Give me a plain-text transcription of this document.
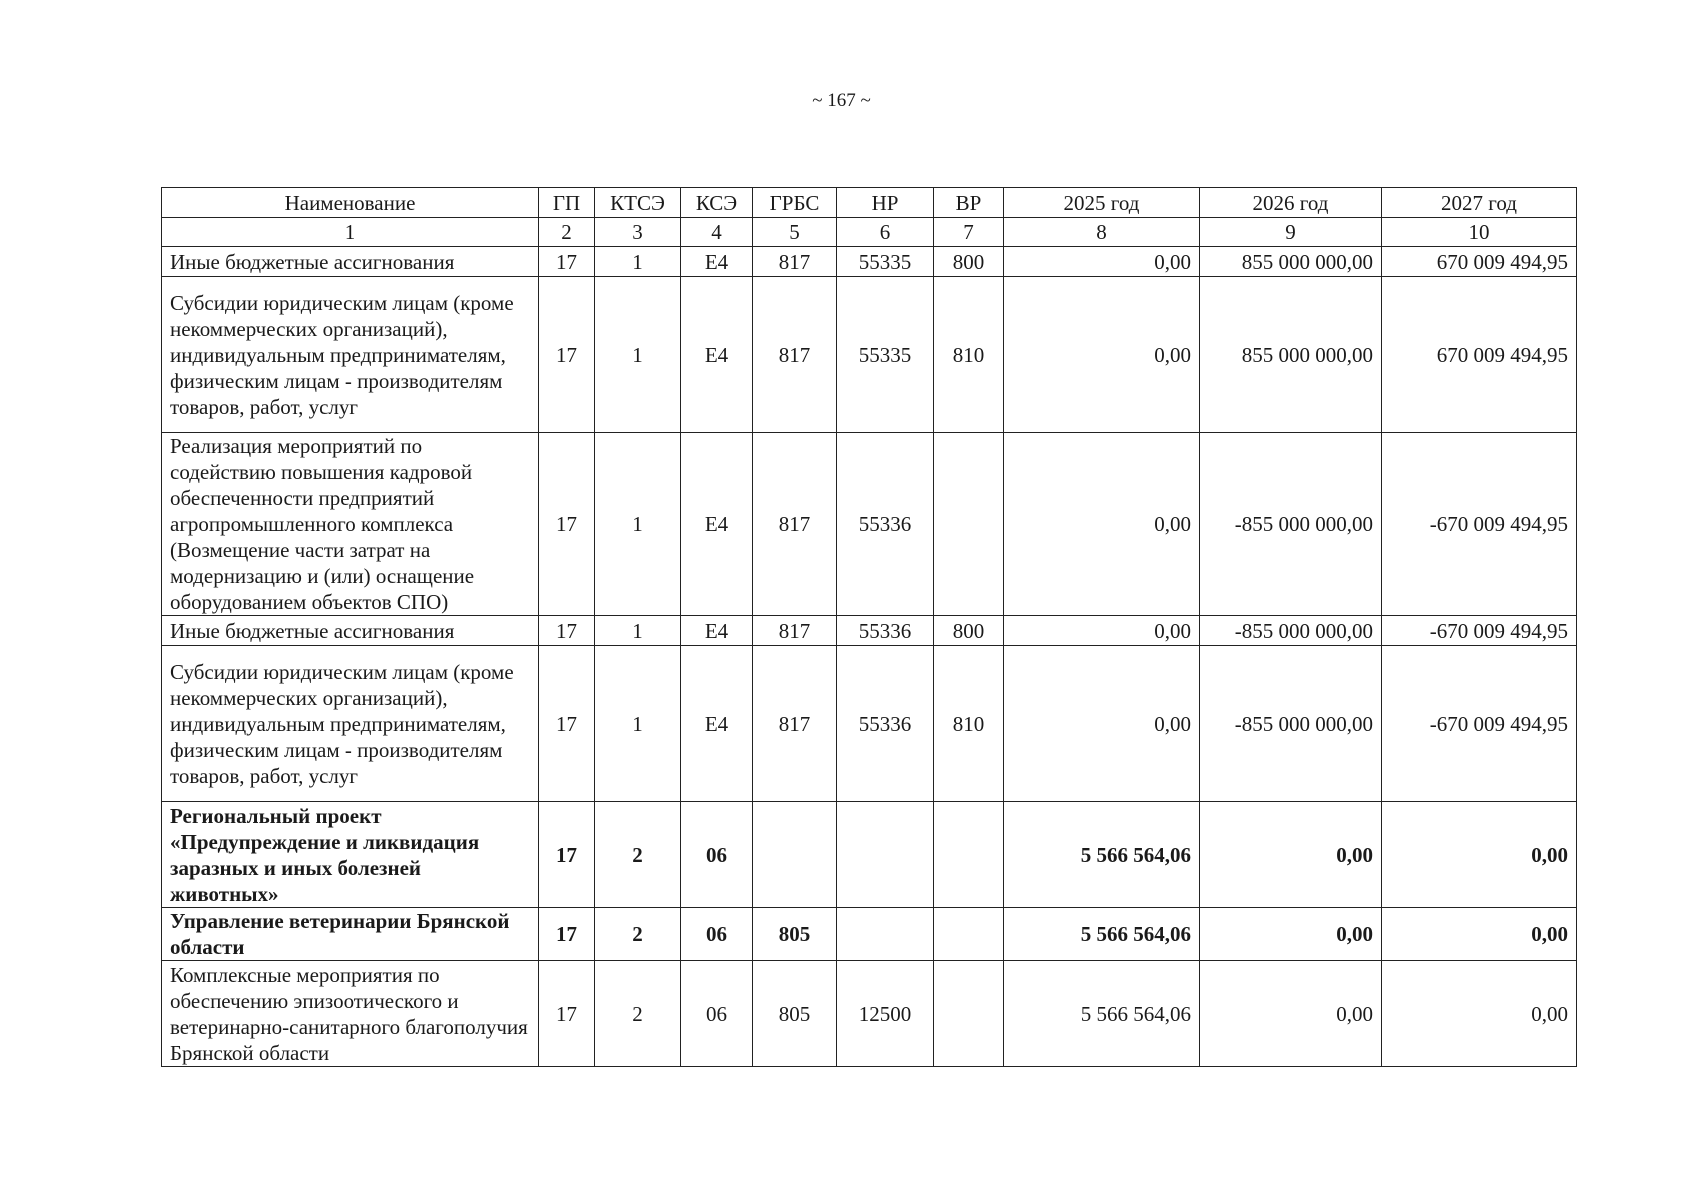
~ 167 ~
Наименование	ГП	КТСЭ	КСЭ	ГРБС	НР	ВР	2025 год	2026 год	2027 год
1	2	3	4	5	6	7	8	9	10
Иные бюджетные ассигнования	17	1	Е4	817	55335	800	0,00	855 000 000,00	670 009 494,95
Субсидии юридическим лицам (кроме некоммерческих организаций), индивидуальным предпринимателям, физическим лицам - производителям товаров, работ, услуг	17	1	Е4	817	55335	810	0,00	855 000 000,00	670 009 494,95
Реализация мероприятий по содействию повышения кадровой обеспеченности предприятий агропромышленного комплекса (Возмещение части затрат на модернизацию и (или) оснащение оборудованием объектов СПО)	17	1	Е4	817	55336		0,00	-855 000 000,00	-670 009 494,95
Иные бюджетные ассигнования	17	1	Е4	817	55336	800	0,00	-855 000 000,00	-670 009 494,95
Субсидии юридическим лицам (кроме некоммерческих организаций), индивидуальным предпринимателям, физическим лицам - производителям товаров, работ, услуг	17	1	Е4	817	55336	810	0,00	-855 000 000,00	-670 009 494,95
Региональный проект «Предупреждение и ликвидация заразных и иных болезней животных»	17	2	06				5 566 564,06	0,00	0,00
Управление ветеринарии Брянской области	17	2	06	805			5 566 564,06	0,00	0,00
Комплексные мероприятия по обеспечению эпизоотического и ветеринарно-санитарного благополучия Брянской области	17	2	06	805	12500		5 566 564,06	0,00	0,00
